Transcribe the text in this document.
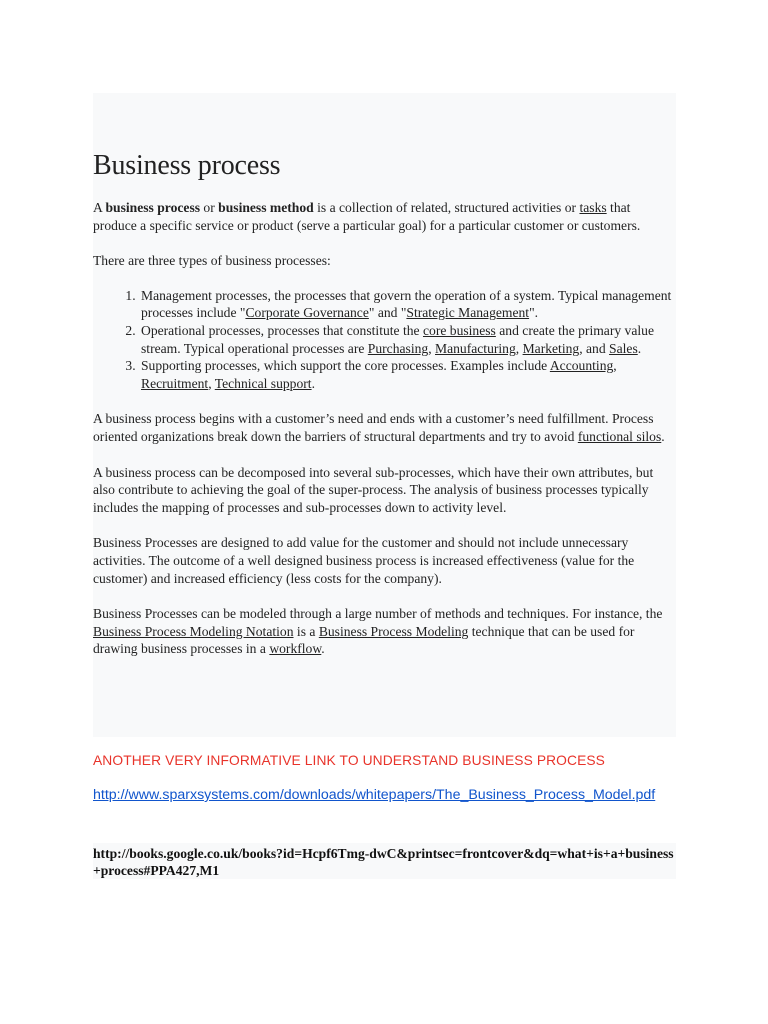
Business process

A business process or business method is a collection of related, structured activities or tasks that produce a specific service or product (serve a particular goal) for a particular customer or customers.

There are three types of business processes:

1. Management processes, the processes that govern the operation of a system. Typical management processes include "Corporate Governance" and "Strategic Management".
2. Operational processes, processes that constitute the core business and create the primary value stream. Typical operational processes are Purchasing, Manufacturing, Marketing, and Sales.
3. Supporting processes, which support the core processes. Examples include Accounting, Recruitment, Technical support.

A business process begins with a customer’s need and ends with a customer’s need fulfillment. Process oriented organizations break down the barriers of structural departments and try to avoid functional silos.

A business process can be decomposed into several sub-processes, which have their own attributes, but also contribute to achieving the goal of the super-process. The analysis of business processes typically includes the mapping of processes and sub-processes down to activity level.

Business Processes are designed to add value for the customer and should not include unnecessary activities. The outcome of a well designed business process is increased effectiveness (value for the customer) and increased efficiency (less costs for the company).

Business Processes can be modeled through a large number of methods and techniques. For instance, the Business Process Modeling Notation is a Business Process Modeling technique that can be used for drawing business processes in a workflow.

ANOTHER VERY INFORMATIVE LINK TO UNDERSTAND BUSINESS PROCESS
http://www.sparxsystems.com/downloads/whitepapers/The_Business_Process_Model.pdf
http://books.google.co.uk/books?id=Hcpf6Tmg-dwC&printsec=frontcover&dq=what+is+a+business+process#PPA427,M1
